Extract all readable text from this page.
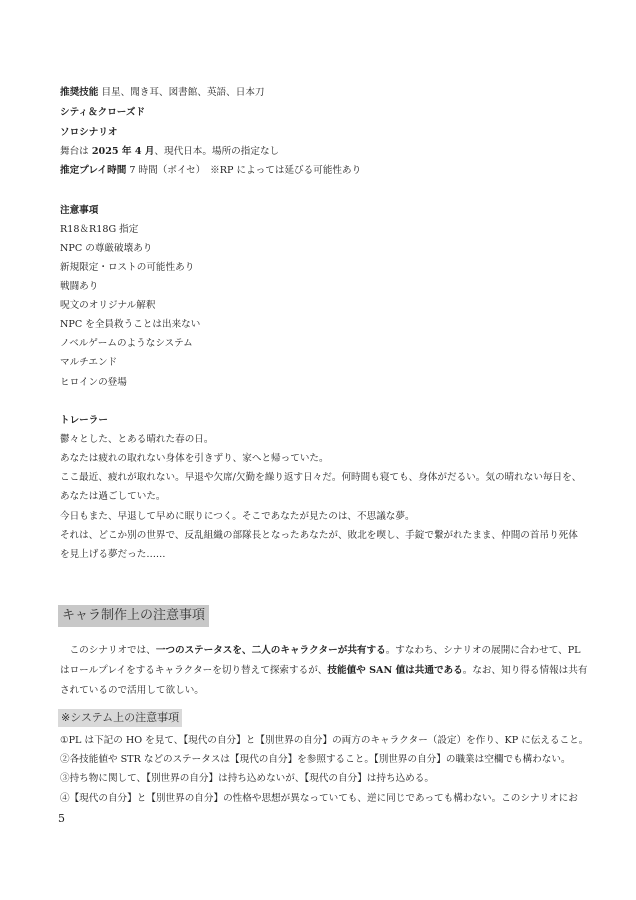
推奨技能 目星、聞き耳、図書館、英語、日本刀
シティ＆クローズド
ソロシナリオ
舞台は 2025 年 4 月、現代日本。場所の指定なし
推定プレイ時間 7 時間（ボイセ）　※RP によっては延びる可能性あり
注意事項
R18＆R18G 指定
NPC の尊厳破壊あり
新規限定・ロストの可能性あり
戦闘あり
呪文のオリジナル解釈
NPC を全員救うことは出来ない
ノベルゲームのようなシステム
マルチエンド
ヒロインの登場
トレーラー
鬱々とした、とある晴れた春の日。
あなたは疲れの取れない身体を引きずり、家へと帰っていた。
ここ最近、疲れが取れない。早退や欠席/欠勤を繰り返す日々だ。何時間も寝ても、身体がだるい。気の晴れない毎日を、
あなたは過ごしていた。
今日もまた、早退して早めに眠りにつく。そこであなたが見たのは、不思議な夢。
それは、どこか別の世界で、反乱組織の部隊長となったあなたが、敗北を喫し、手錠で繋がれたまま、仲間の首吊り死体
を見上げる夢だった……
キャラ制作上の注意事項
　このシナリオでは、一つのステータスを、二人のキャラクターが共有する。すなわち、シナリオの展開に合わせて、PL
はロールプレイをするキャラクターを切り替えて探索するが、技能値や SAN 値は共通である。なお、知り得る情報は共有
されているので活用して欲しい。
※システム上の注意事項
①PL は下記の HO を見て、【現代の自分】と【別世界の自分】の両方のキャラクター（設定）を作り、KP に伝えること。
②各技能値や STR などのステータスは【現代の自分】を参照すること。【別世界の自分】の職業は空欄でも構わない。
③持ち物に関して、【別世界の自分】は持ち込めないが、【現代の自分】は持ち込める。
④【現代の自分】と【別世界の自分】の性格や思想が異なっていても、逆に同じであっても構わない。このシナリオにお
5
